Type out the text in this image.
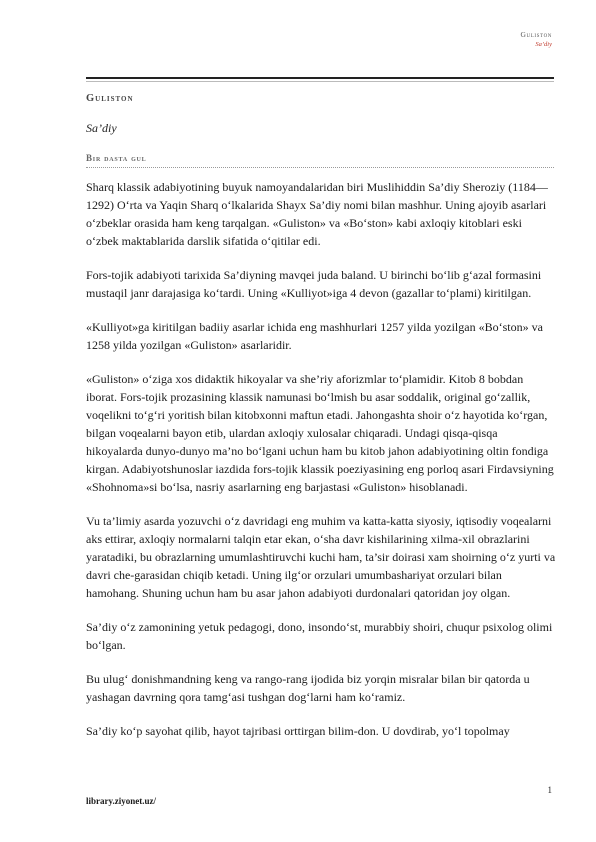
Guliston
Sa’diy
Guliston

Sa’diy

Bir dasta gul

Sharq klassik adabiyotining buyuk namoyandalaridan biri Muslihiddin Sa’diy Sheroziy (1184—1292) O‘rta va Yaqin Sharq o‘lkalarida Shayx Sa’diy nomi bilan mashhur. Uning ajoyib asarlari o‘zbeklar orasida ham keng tarqalgan. «Guliston» va «Bo‘ston» kabi axloqiy kitoblari eski o‘zbek maktablarida darslik sifatida o‘qitilar edi.

Fors-tojik adabiyoti tarixida Sa’diyning mavqei juda baland. U birinchi bo‘lib g‘azal formasini mustaqil janr darajasiga ko‘tardi. Uning «Kulliyot»iga 4 devon (gazallar to‘plami) kiritilgan.

«Kulliyot»ga kiritilgan badiiy asarlar ichida eng mashhurlari 1257 yilda yozilgan «Bo‘ston» va 1258 yilda yozilgan «Guliston» asarlaridir.

«Guliston» o‘ziga xos didaktik hikoyalar va she’riy aforizmlar to‘plamidir. Kitob 8 bobdan iborat. Fors-tojik prozasining klassik namunasi bo‘lmish bu asar soddalik, original go‘zallik, voqelikni to‘g‘ri yoritish bilan kitobxonni maftun etadi. Jahongashta shoir o‘z hayotida ko‘rgan, bilgan voqealarni bayon etib, ulardan axloqiy xulosalar chiqaradi. Undagi qisqa-qisqa hikoyalarda dunyo-dunyo ma’no bo‘lgani uchun ham bu kitob jahon adabiyotining oltin fondiga kirgan. Adabiyotshunoslar iazdida fors-tojik klassik poeziyasining eng porloq asari Firdavsiyning «Shohnoma»si bo‘lsa, nasriy asarlarning eng barjastasi «Guliston» hisoblanadi.

Vu ta’limiy asarda yozuvchi o‘z davridagi eng muhim va katta-katta siyosiy, iqtisodiy voqealarni aks ettirar, axloqiy normalarni talqin etar ekan, o‘sha davr kishilarining xilma-xil obrazlarini yaratadiki, bu obrazlarning umumlashtiruvchi kuchi ham, ta’sir doirasi xam shoirning o‘z yurti va davri che-garasidan chiqib ketadi. Uning ilg‘or orzulari umumbashariyat orzulari bilan hamohang. Shuning uchun ham bu asar jahon adabiyoti durdonalari qatoridan joy olgan.

Sa’diy o‘z zamonining yetuk pedagogi, dono, insondo‘st, murabbiy shoiri, chuqur psixolog olimi bo‘lgan.

Bu ulug‘ donishmandning keng va rango-rang ijodida biz yorqin misralar bilan bir qatorda u yashagan davrning qora tamg‘asi tushgan dog‘larni ham ko‘ramiz.

Sa’diy ko‘p sayohat qilib, hayot tajribasi orttirgan bilim-don. U dovdirab, yo‘l topolmay

1
library.ziyonet.uz/
